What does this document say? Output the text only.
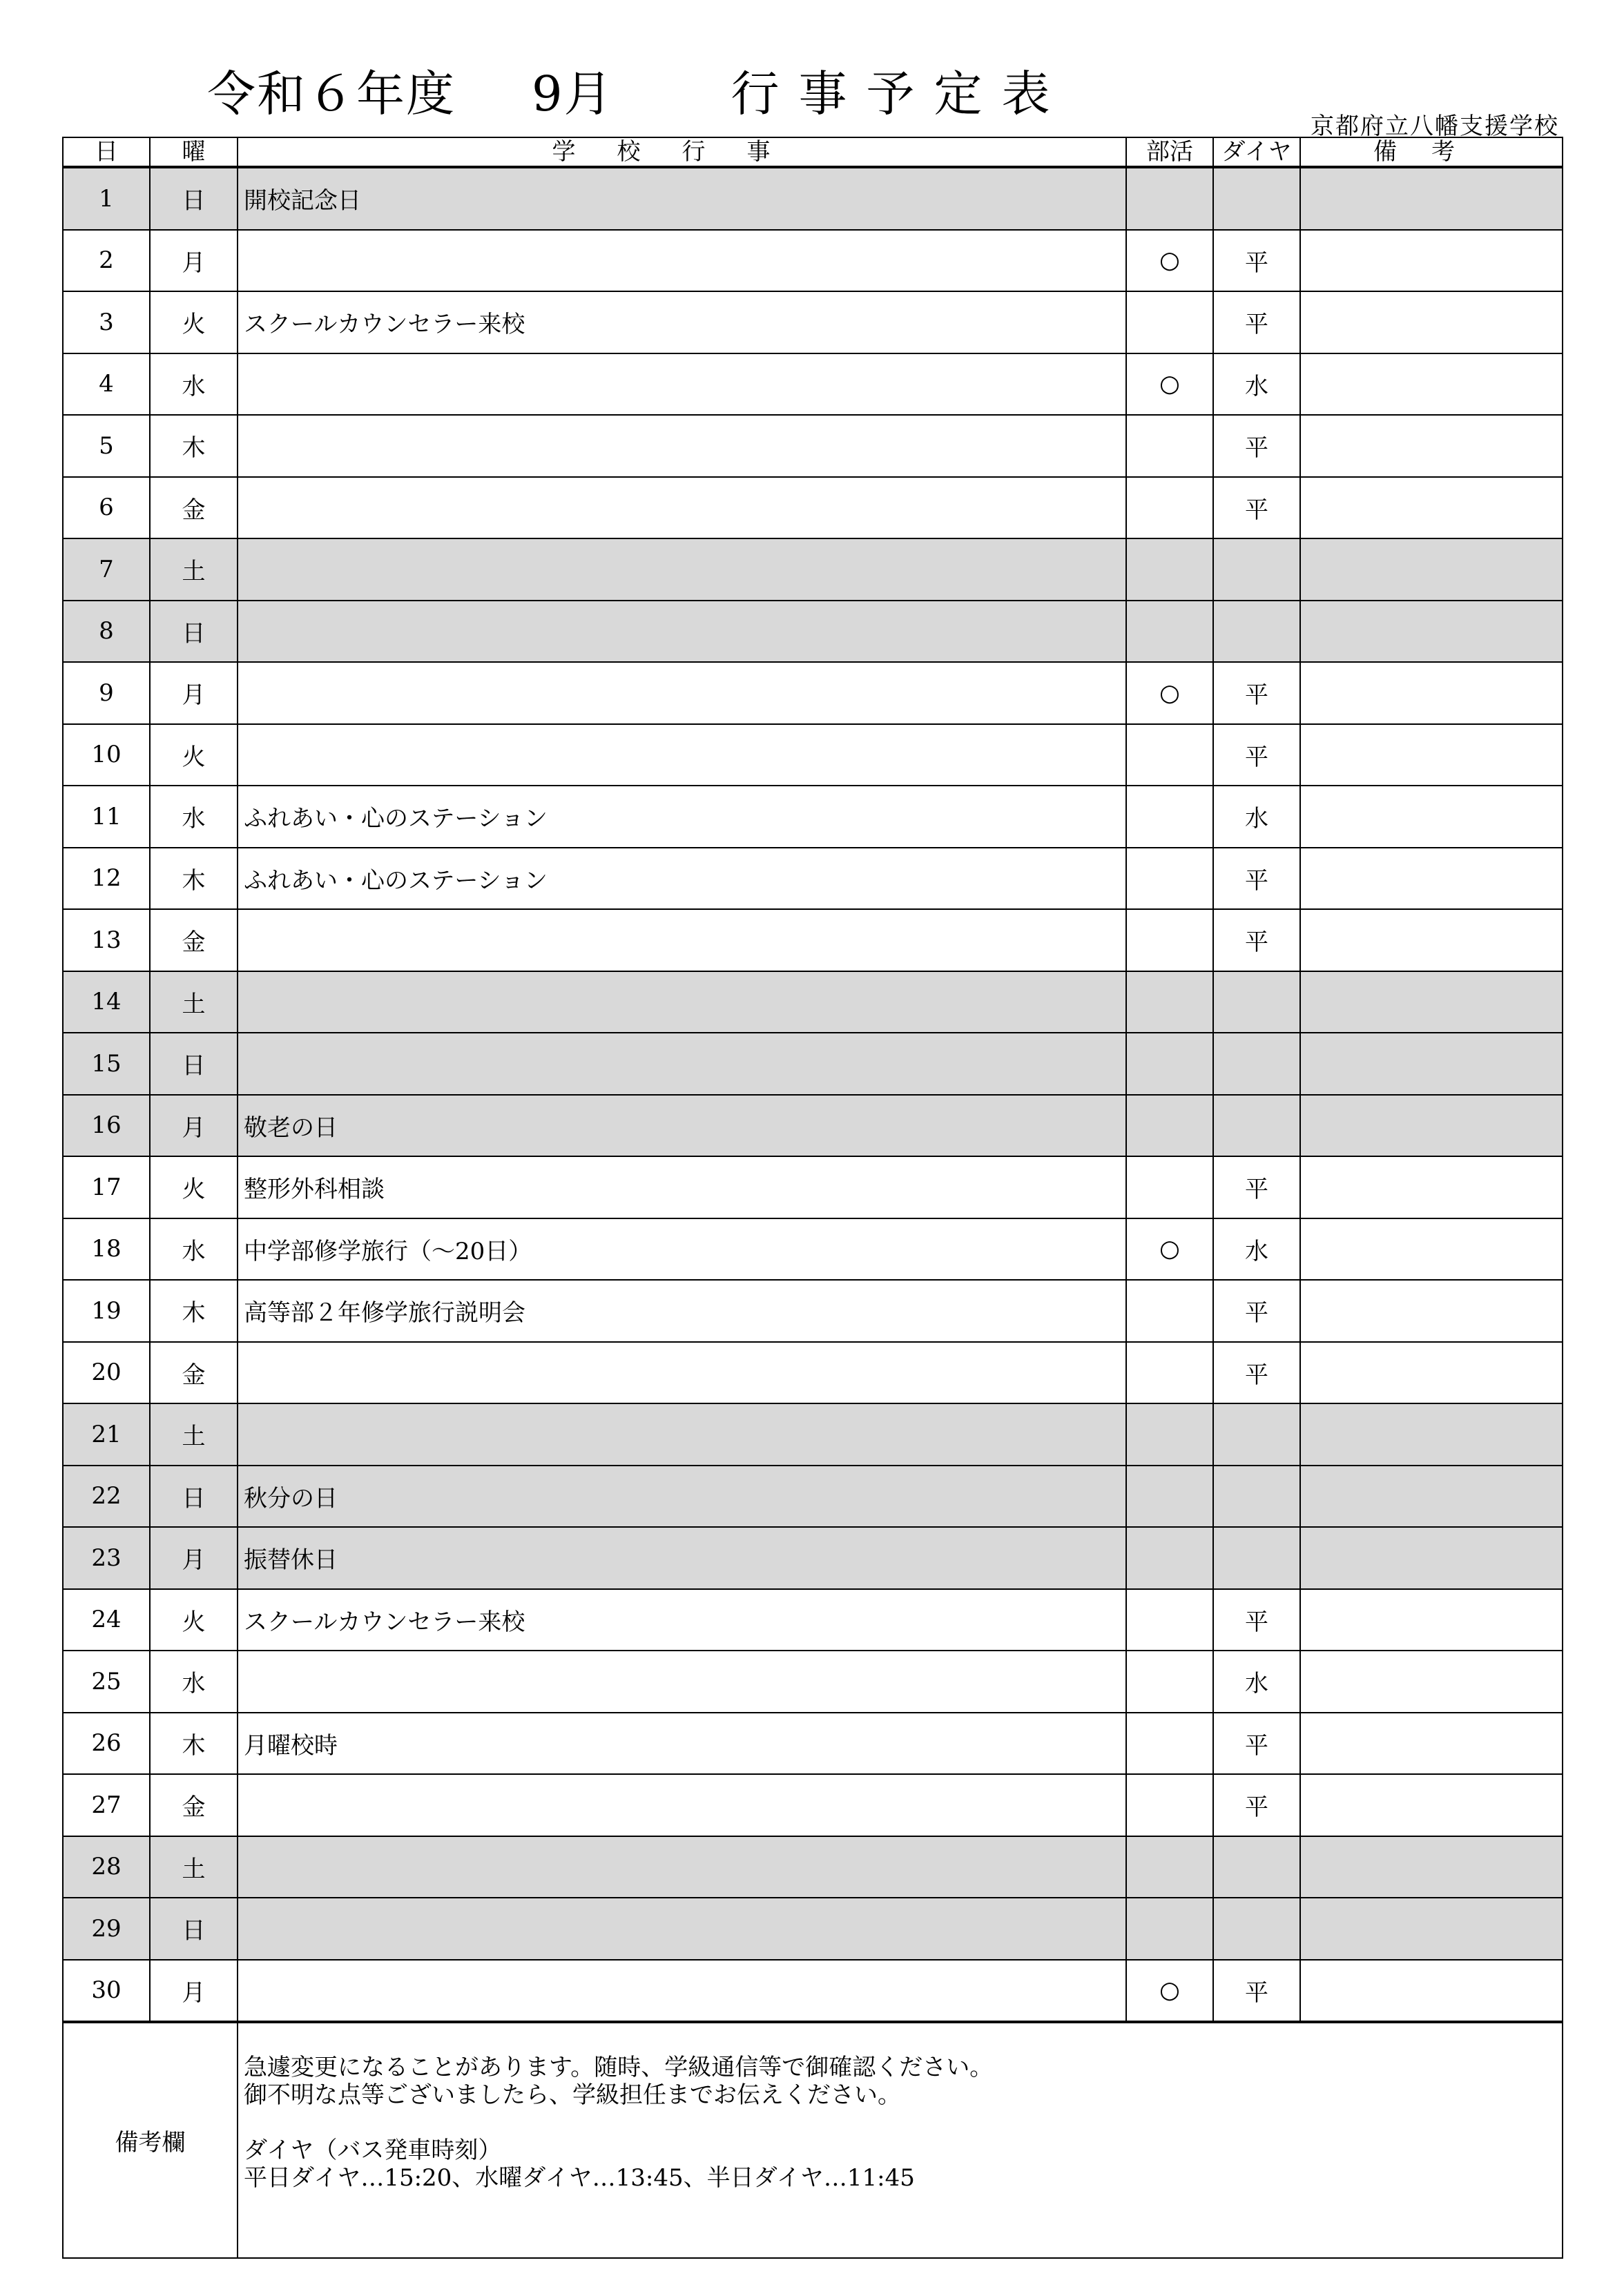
令和６年度 9月 行事予定表
京都府立八幡支援学校
日	曜	学校行事	部活	ダイヤ	備考
1	日	開校記念日			
2	月		○	平	
3	火	スクールカウンセラー来校		平	
4	水		○	水	
5	木			平	
6	金			平	
7	土				
8	日				
9	月		○	平	
10	火			平	
11	水	ふれあい・心のステーション		水	
12	木	ふれあい・心のステーション		平	
13	金			平	
14	土				
15	日				
16	月	敬老の日			
17	火	整形外科相談		平	
18	水	中学部修学旅行（～20日）	○	水	
19	木	高等部２年修学旅行説明会		平	
20	金			平	
21	土				
22	日	秋分の日			
23	月	振替休日			
24	火	スクールカウンセラー来校		平	
25	水			水	
26	木	月曜校時		平	
27	金			平	
28	土				
29	日				
30	月		○	平	
備考欄		急遽変更になることがあります。随時、学級通信等で御確認ください。
御不明な点等ございましたら、学級担任までお伝えください。
ダイヤ（バス発車時刻）
平日ダイヤ…15:20、水曜ダイヤ…13:45、半日ダイヤ…11:45			
